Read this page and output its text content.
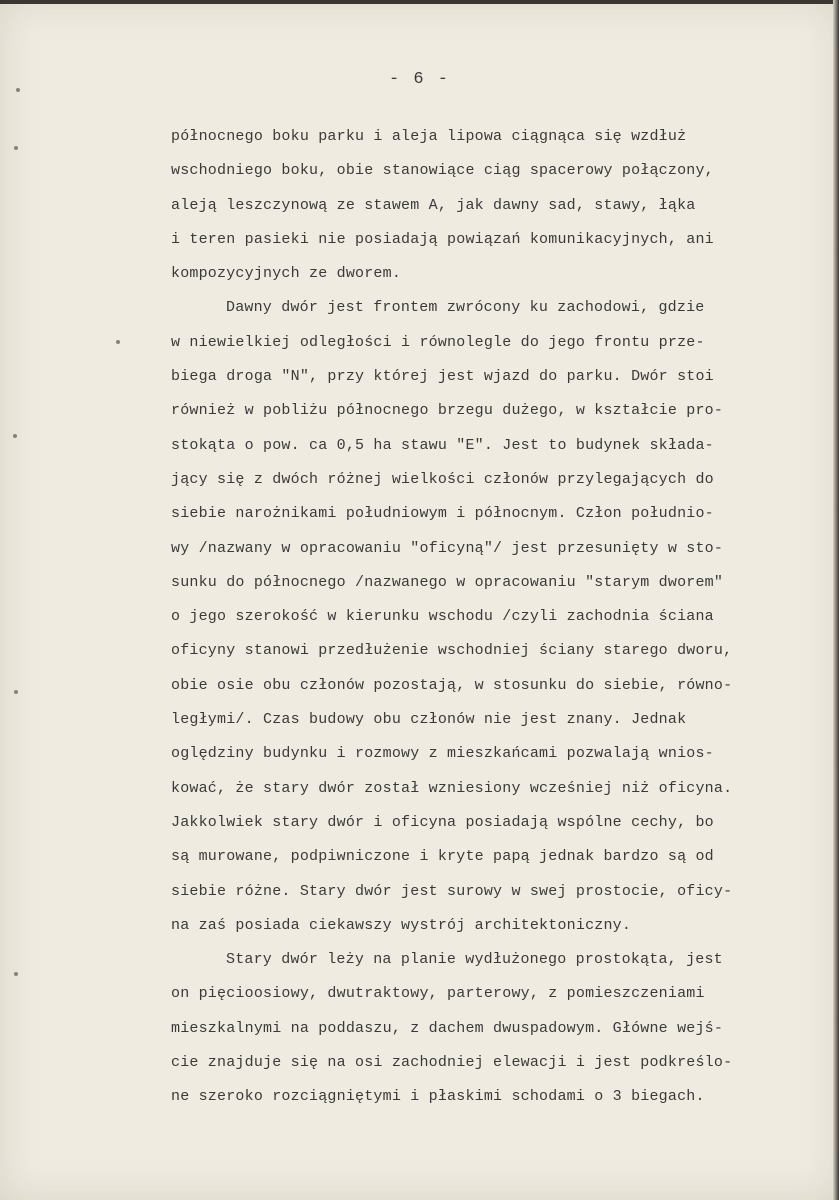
- 6 -
północnego boku parku i aleja lipowa ciągnąca się wzdłuż
wschodniego boku, obie stanowiące ciąg spacerowy połączony,
aleją leszczynową ze stawem A, jak dawny sad, stawy, łąka
i teren pasieki nie posiadają powiązań komunikacyjnych, ani
kompozycyjnych ze dworem.
Dawny dwór jest frontem zwrócony ku zachodowi, gdzie
w niewielkiej odległości i równolegle do jego frontu prze-
biega droga "N", przy której jest wjazd do parku. Dwór stoi
również w pobliżu północnego brzegu dużego, w kształcie pro-
stokąta o pow. ca 0,5 ha stawu "E". Jest to budynek składa-
jący się z dwóch różnej wielkości członów przylegających do
siebie narożnikami południowym i północnym. Człon południo-
wy /nazwany w opracowaniu "oficyną"/ jest przesunięty w sto-
sunku do północnego /nazwanego w opracowaniu "starym dworem"
o jego szerokość w kierunku wschodu /czyli zachodnia ściana
oficyny stanowi przedłużenie wschodniej ściany starego dworu,
obie osie obu członów pozostają, w stosunku do siebie, równo-
ległymi/. Czas budowy obu członów nie jest znany. Jednak
oględziny budynku i rozmowy z mieszkańcami pozwalają wnios-
kować, że stary dwór został wzniesiony wcześniej niż oficyna.
Jakkolwiek stary dwór i oficyna posiadają wspólne cechy, bo
są murowane, podpiwniczone i kryte papą jednak bardzo są od
siebie różne. Stary dwór jest surowy w swej prostocie, oficy-
na zaś posiada ciekawszy wystrój architektoniczny.
Stary dwór leży na planie wydłużonego prostokąta, jest
on pięcioosiowy, dwutraktowy, parterowy, z pomieszczeniami
mieszkalnymi na poddaszu, z dachem dwuspadowym. Główne wejś-
cie znajduje się na osi zachodniej elewacji i jest podkreślo-
ne szeroko rozciągniętymi i płaskimi schodami o 3 biegach.
